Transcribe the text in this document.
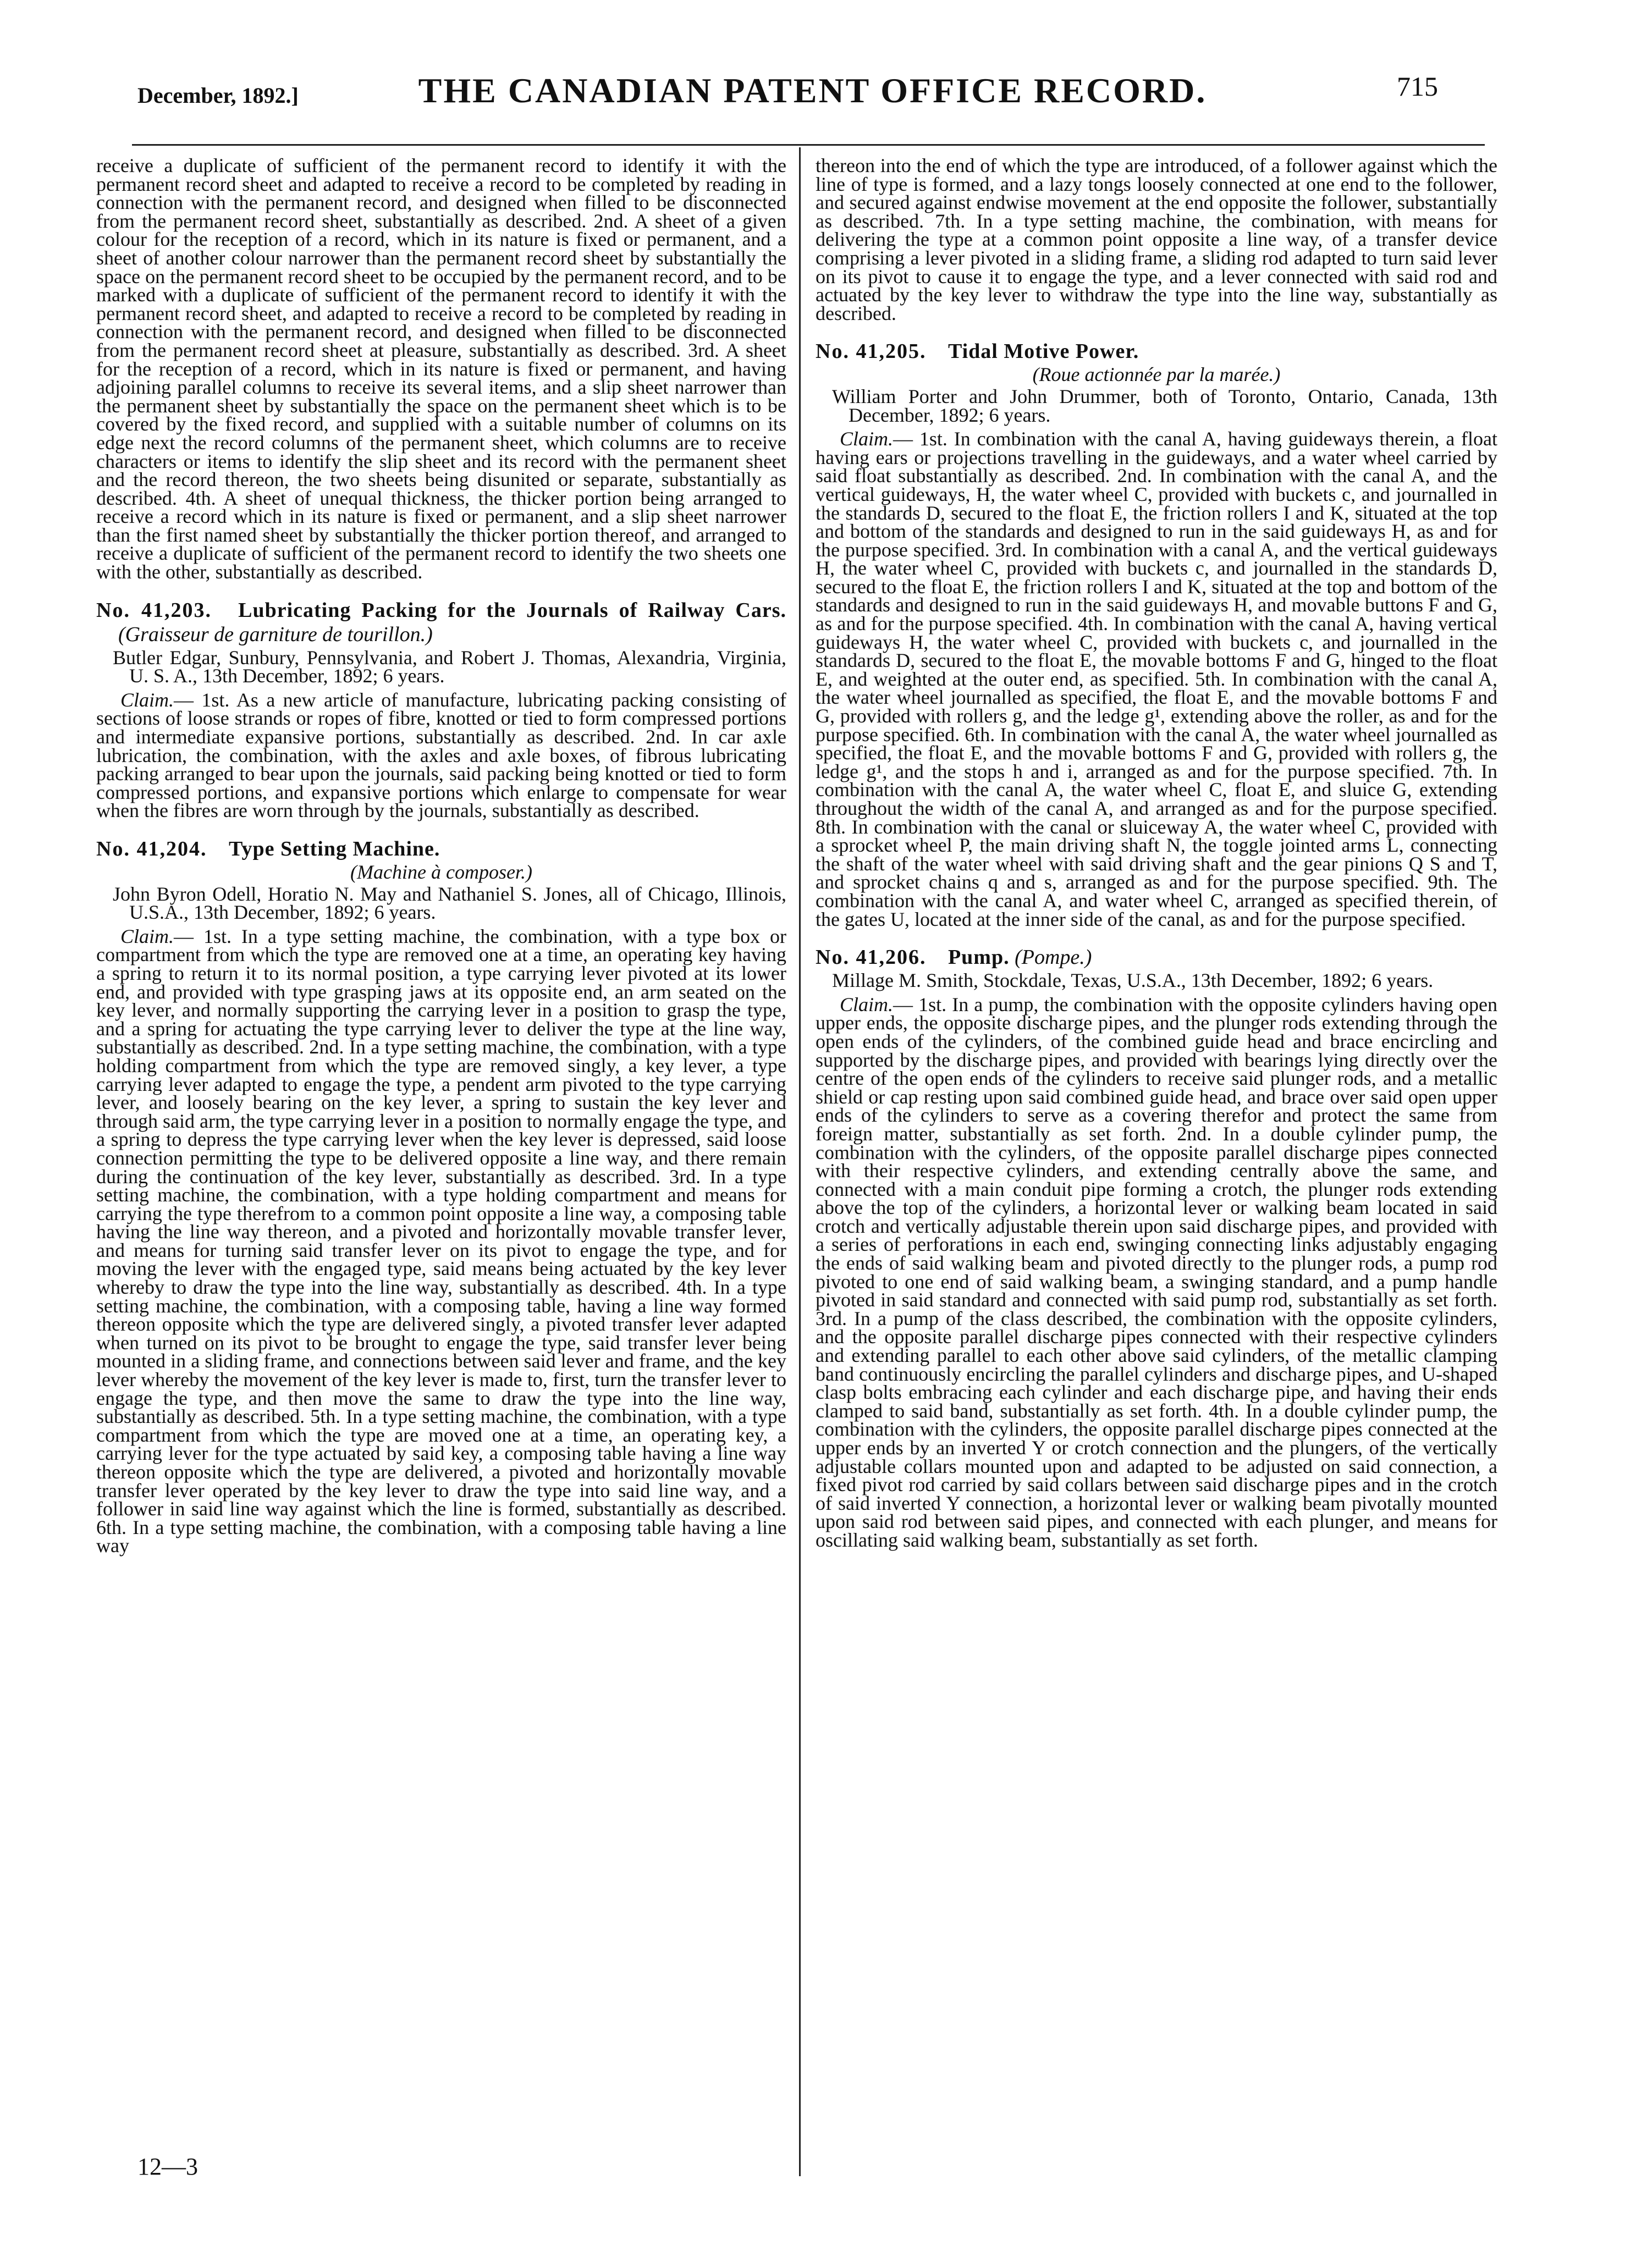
December, 1892.]	THE CANADIAN PATENT OFFICE RECORD.	715

receive a duplicate of sufficient of the permanent record to identify it with the permanent record sheet and adapted to receive a record to be completed by reading in connection with the permanent record, and designed when filled to be disconnected from the permanent record sheet, substantially as described. 2nd. A sheet of a given colour for the reception of a record, which in its nature is fixed or permanent, and a sheet of another colour narrower than the permanent record sheet by substantially the space on the permanent record sheet to be occupied by the permanent record, and to be marked with a duplicate of sufficient of the permanent record to identify it with the permanent record sheet, and adapted to receive a record to be completed by reading in connection with the permanent record, and designed when filled to be disconnected from the permanent record sheet at pleasure, substantially as described. 3rd. A sheet for the reception of a record, which in its nature is fixed or permanent, and having adjoining parallel columns to receive its several items, and a slip sheet narrower than the permanent sheet by substantially the space on the permanent sheet which is to be covered by the fixed record, and supplied with a suitable number of columns on its edge next the record columns of the permanent sheet, which columns are to receive characters or items to identify the slip sheet and its record with the permanent sheet and the record thereon, the two sheets being disunited or separate, substantially as described. 4th. A sheet of unequal thickness, the thicker portion being arranged to receive a record which in its nature is fixed or permanent, and a slip sheet narrower than the first named sheet by substantially the thicker portion thereof, and arranged to receive a duplicate of sufficient of the permanent record to identify the two sheets one with the other, substantially as described.

No. 41,203. Lubricating Packing for the Journals of Railway Cars. (Graisseur de garniture de tourillon.)
Butler Edgar, Sunbury, Pennsylvania, and Robert J. Thomas, Alexandria, Virginia, U. S. A., 13th December, 1892; 6 years.

Claim.— 1st. As a new article of manufacture, lubricating packing consisting of sections of loose strands or ropes of fibre, knotted or tied to form compressed portions and intermediate expansive portions, substantially as described. 2nd. In car axle lubrication, the combination, with the axles and axle boxes, of fibrous lubricating packing arranged to bear upon the journals, said packing being knotted or tied to form compressed portions, and expansive portions which enlarge to compensate for wear when the fibres are worn through by the journals, substantially as described.

No. 41,204. Type Setting Machine.
(Machine à composer.)
John Byron Odell, Horatio N. May and Nathaniel S. Jones, all of Chicago, Illinois, U.S.A., 13th December, 1892; 6 years.

Claim.— 1st. In a type setting machine, the combination, with a type box or compartment from which the type are removed one at a time, an operating key having a spring to return it to its normal position, a type carrying lever pivoted at its lower end, and provided with type grasping jaws at its opposite end, an arm seated on the key lever, and normally supporting the carrying lever in a position to grasp the type, and a spring for actuating the type carrying lever to deliver the type at the line way, substantially as described. 2nd. In a type setting machine, the combination, with a type holding compartment from which the type are removed singly, a key lever, a type carrying lever adapted to engage the type, a pendent arm pivoted to the type carrying lever, and loosely bearing on the key lever, a spring to sustain the key lever and through said arm, the type carrying lever in a position to normally engage the type, and a spring to depress the type carrying lever when the key lever is depressed, said loose connection permitting the type to be delivered opposite a line way, and there remain during the continuation of the key lever, substantially as described. 3rd. In a type setting machine, the combination, with a type holding compartment and means for carrying the type therefrom to a common point opposite a line way, a composing table having the line way thereon, and a pivoted and horizontally movable transfer lever, and means for turning said transfer lever on its pivot to engage the type, and for moving the lever with the engaged type, said means being actuated by the key lever whereby to draw the type into the line way, substantially as described. 4th. In a type setting machine, the combination, with a composing table, having a line way formed thereon opposite which the type are delivered singly, a pivoted transfer lever adapted when turned on its pivot to be brought to engage the type, said transfer lever being mounted in a sliding frame, and connections between said lever and frame, and the key lever whereby the movement of the key lever is made to, first, turn the transfer lever to engage the type, and then move the same to draw the type into the line way, substantially as described. 5th. In a type setting machine, the combination, with a type compartment from which the type are moved one at a time, an operating key, a carrying lever for the type actuated by said key, a composing table having a line way thereon opposite which the type are delivered, a pivoted and horizontally movable transfer lever operated by the key lever to draw the type into said line way, and a follower in said line way against which the line is formed, substantially as described. 6th. In a type setting machine, the combination, with a composing table having a line way

thereon into the end of which the type are introduced, of a follower against which the line of type is formed, and a lazy tongs loosely connected at one end to the follower, and secured against endwise movement at the end opposite the follower, substantially as described. 7th. In a type setting machine, the combination, with means for delivering the type at a common point opposite a line way, of a transfer device comprising a lever pivoted in a sliding frame, a sliding rod adapted to turn said lever on its pivot to cause it to engage the type, and a lever connected with said rod and actuated by the key lever to withdraw the type into the line way, substantially as described.

No. 41,205. Tidal Motive Power.
(Roue actionnée par la marée.)
William Porter and John Drummer, both of Toronto, Ontario, Canada, 13th December, 1892; 6 years.

Claim.— 1st. In combination with the canal A, having guideways therein, a float having ears or projections travelling in the guideways, and a water wheel carried by said float substantially as described. 2nd. In combination with the canal A, and the vertical guideways, H, the water wheel C, provided with buckets c, and journalled in the standards D, secured to the float E, the friction rollers I and K, situated at the top and bottom of the standards and designed to run in the said guideways H, as and for the purpose specified. 3rd. In combination with a canal A, and the vertical guideways H, the water wheel C, provided with buckets c, and journalled in the standards D, secured to the float E, the friction rollers I and K, situated at the top and bottom of the standards and designed to run in the said guideways H, and movable buttons F and G, as and for the purpose specified. 4th. In combination with the canal A, having vertical guideways H, the water wheel C, provided with buckets c, and journalled in the standards D, secured to the float E, the movable bottoms F and G, hinged to the float E, and weighted at the outer end, as specified. 5th. In combination with the canal A, the water wheel journalled as specified, the float E, and the movable bottoms F and G, provided with rollers g, and the ledge g¹, extending above the roller, as and for the purpose specified. 6th. In combination with the canal A, the water wheel journalled as specified, the float E, and the movable bottoms F and G, provided with rollers g, the ledge g¹, and the stops h and i, arranged as and for the purpose specified. 7th. In combination with the canal A, the water wheel C, float E, and sluice G, extending throughout the width of the canal A, and arranged as and for the purpose specified. 8th. In combination with the canal or sluiceway A, the water wheel C, provided with a sprocket wheel P, the main driving shaft N, the toggle jointed arms L, connecting the shaft of the water wheel with said driving shaft and the gear pinions Q S and T, and sprocket chains q and s, arranged as and for the purpose specified. 9th. The combination with the canal A, and water wheel C, arranged as specified therein, of the gates U, located at the inner side of the canal, as and for the purpose specified.

No. 41,206. Pump. (Pompe.)
Millage M. Smith, Stockdale, Texas, U.S.A., 13th December, 1892; 6 years.

Claim.— 1st. In a pump, the combination with the opposite cylinders having open upper ends, the opposite discharge pipes, and the plunger rods extending through the open ends of the cylinders, of the combined guide head and brace encircling and supported by the discharge pipes, and provided with bearings lying directly over the centre of the open ends of the cylinders to receive said plunger rods, and a metallic shield or cap resting upon said combined guide head, and brace over said open upper ends of the cylinders to serve as a covering therefor and protect the same from foreign matter, substantially as set forth. 2nd. In a double cylinder pump, the combination with the cylinders, of the opposite parallel discharge pipes connected with their respective cylinders, and extending centrally above the same, and connected with a main conduit pipe forming a crotch, the plunger rods extending above the top of the cylinders, a horizontal lever or walking beam located in said crotch and vertically adjustable therein upon said discharge pipes, and provided with a series of perforations in each end, swinging connecting links adjustably engaging the ends of said walking beam and pivoted directly to the plunger rods, a pump rod pivoted to one end of said walking beam, a swinging standard, and a pump handle pivoted in said standard and connected with said pump rod, substantially as set forth. 3rd. In a pump of the class described, the combination with the opposite cylinders, and the opposite parallel discharge pipes connected with their respective cylinders and extending parallel to each other above said cylinders, of the metallic clamping band continuously encircling the parallel cylinders and discharge pipes, and U-shaped clasp bolts embracing each cylinder and each discharge pipe, and having their ends clamped to said band, substantially as set forth. 4th. In a double cylinder pump, the combination with the cylinders, the opposite parallel discharge pipes connected at the upper ends by an inverted Y or crotch connection and the plungers, of the vertically adjustable collars mounted upon and adapted to be adjusted on said connection, a fixed pivot rod carried by said collars between said discharge pipes and in the crotch of said inverted Y connection, a horizontal lever or walking beam pivotally mounted upon said rod between said pipes, and connected with each plunger, and means for oscillating said walking beam, substantially as set forth.

12—3
